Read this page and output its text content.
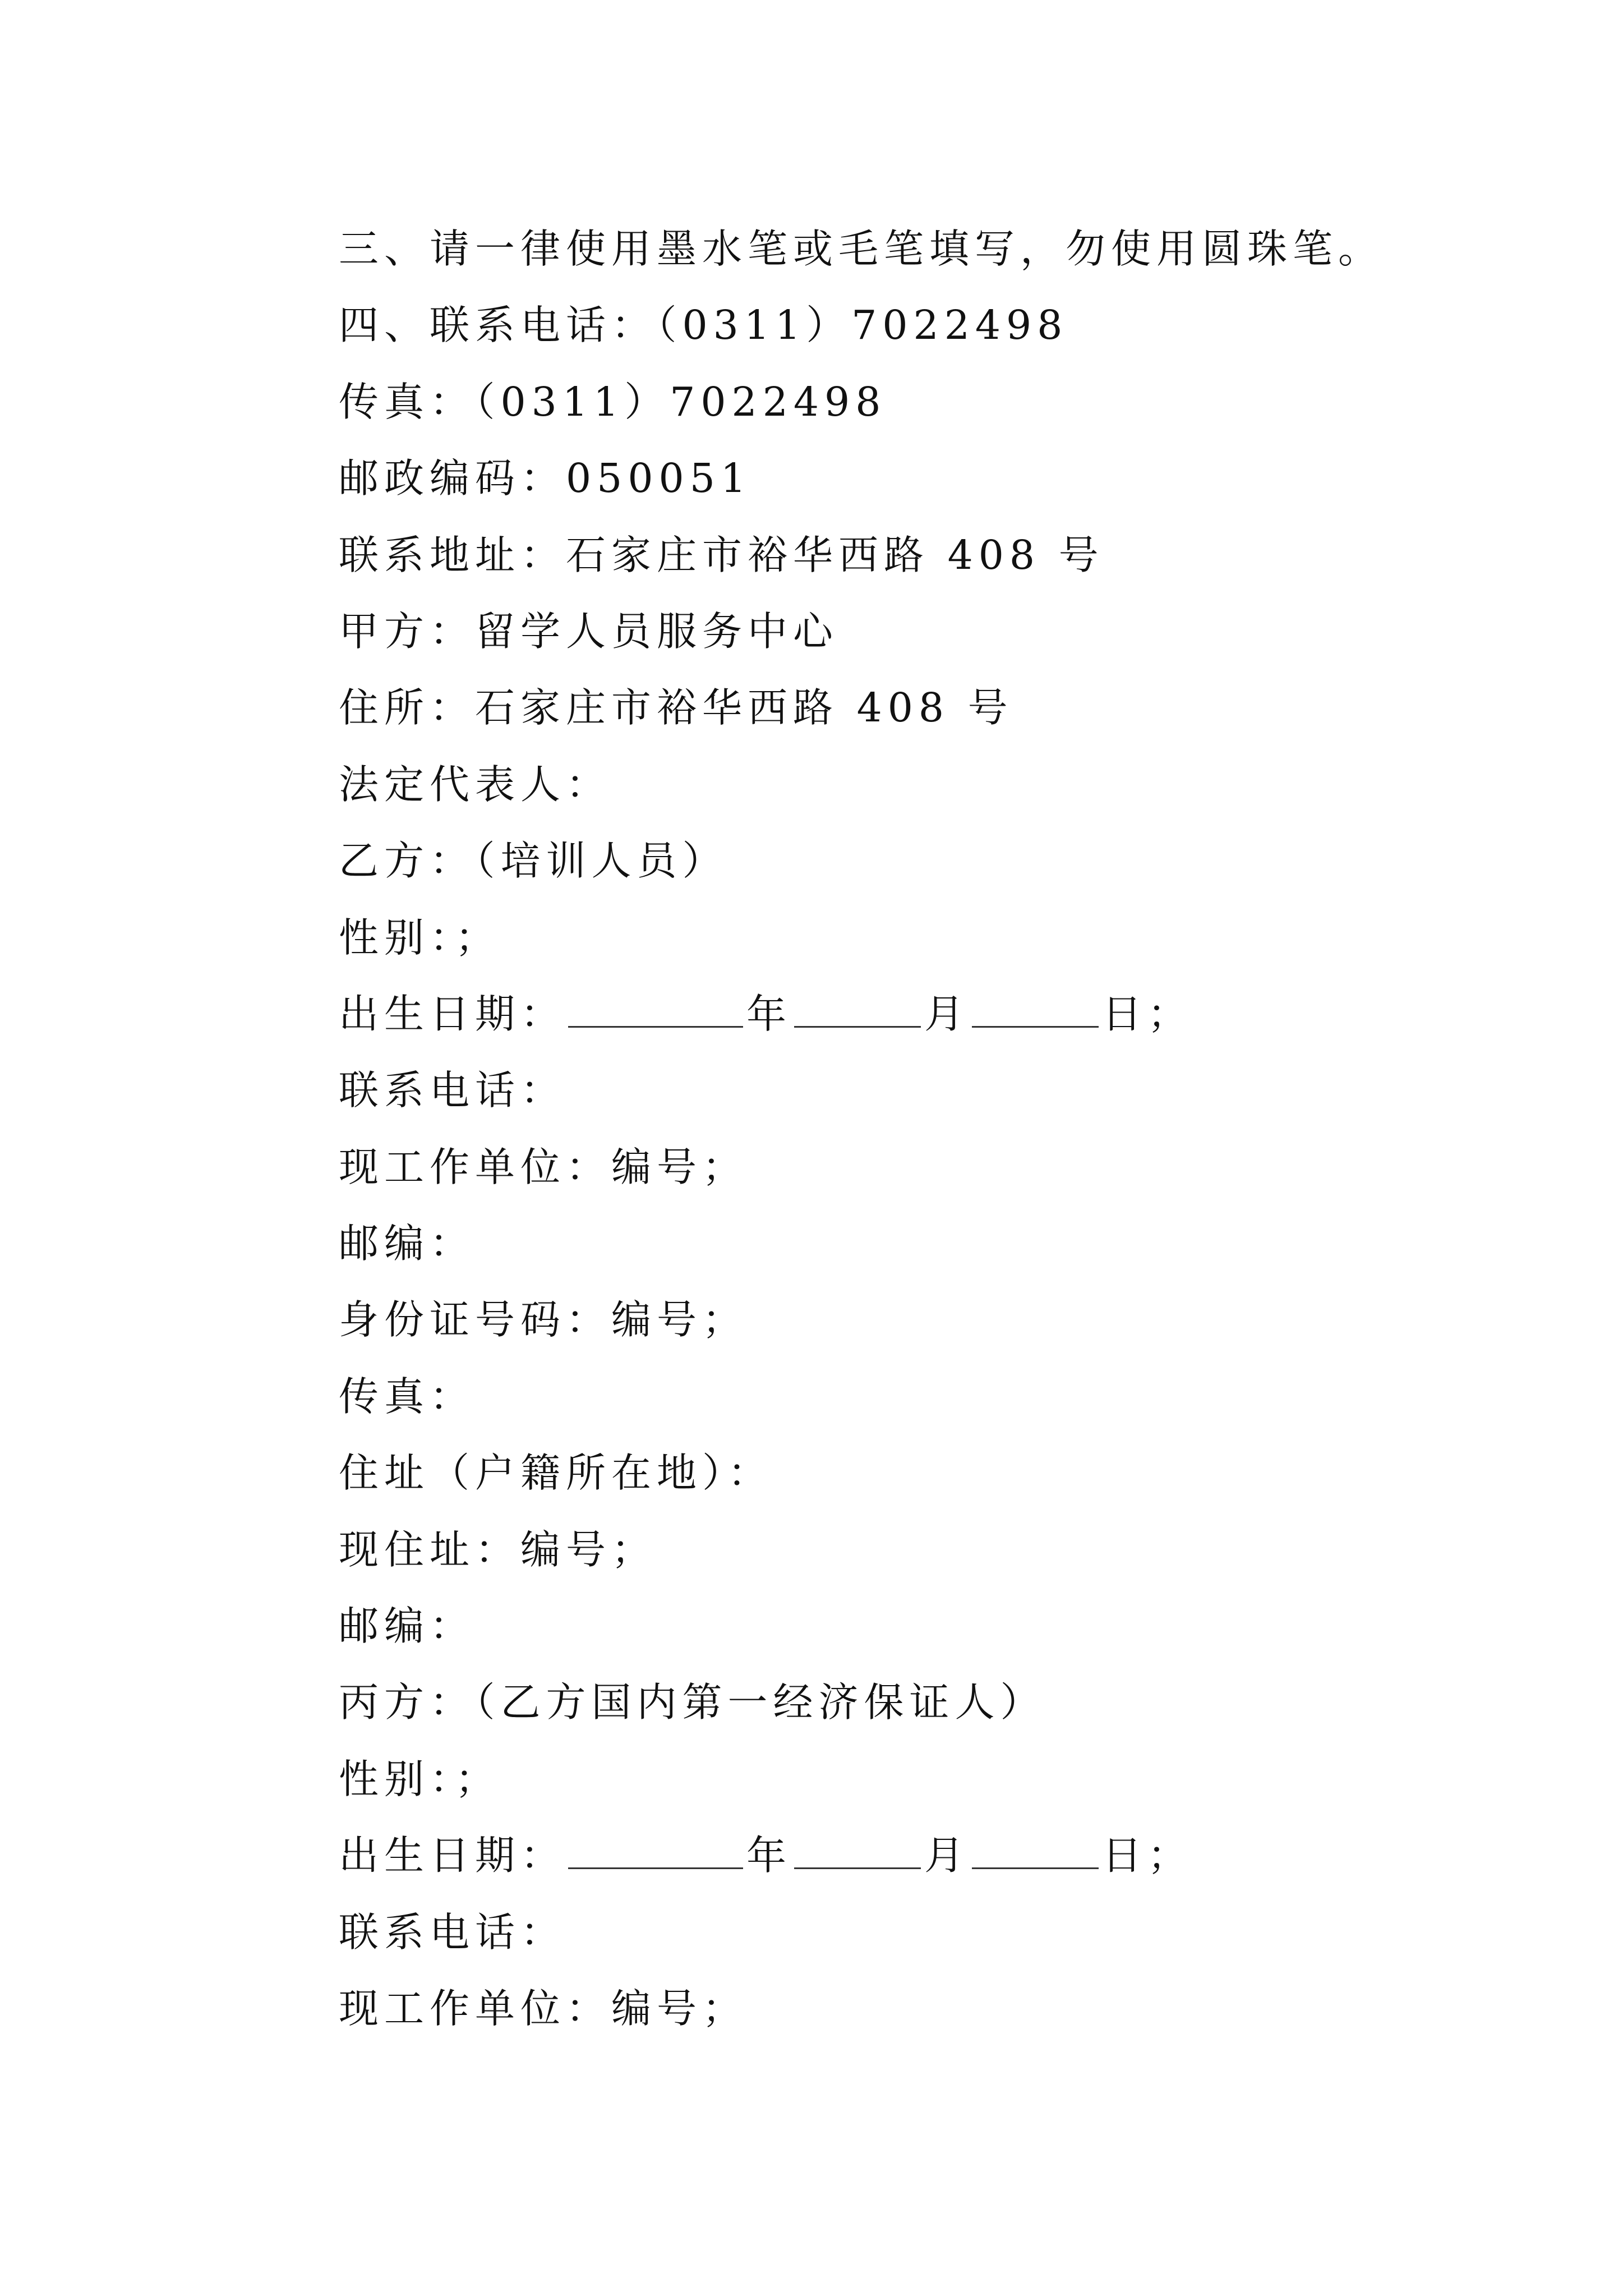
三、请一律使用墨水笔或毛笔填写，勿使用圆珠笔。
四、联系电话：（0311）7022498
传真：（0311）7022498
邮政编码：050051
联系地址：石家庄市裕华西路 408 号
甲方：留学人员服务中心
住所：石家庄市裕华西路 408 号
法定代表人：
乙方：（培训人员）
性别：；
出生日期：	年	月	日；
联系电话：
现工作单位：编号；
邮编：
身份证号码：编号；
传真：
住址（户籍所在地）：
现住址：编号；
邮编：
丙方：（乙方国内第一经济保证人）
性别：；
出生日期：	年	月	日；
联系电话：
现工作单位：编号；
